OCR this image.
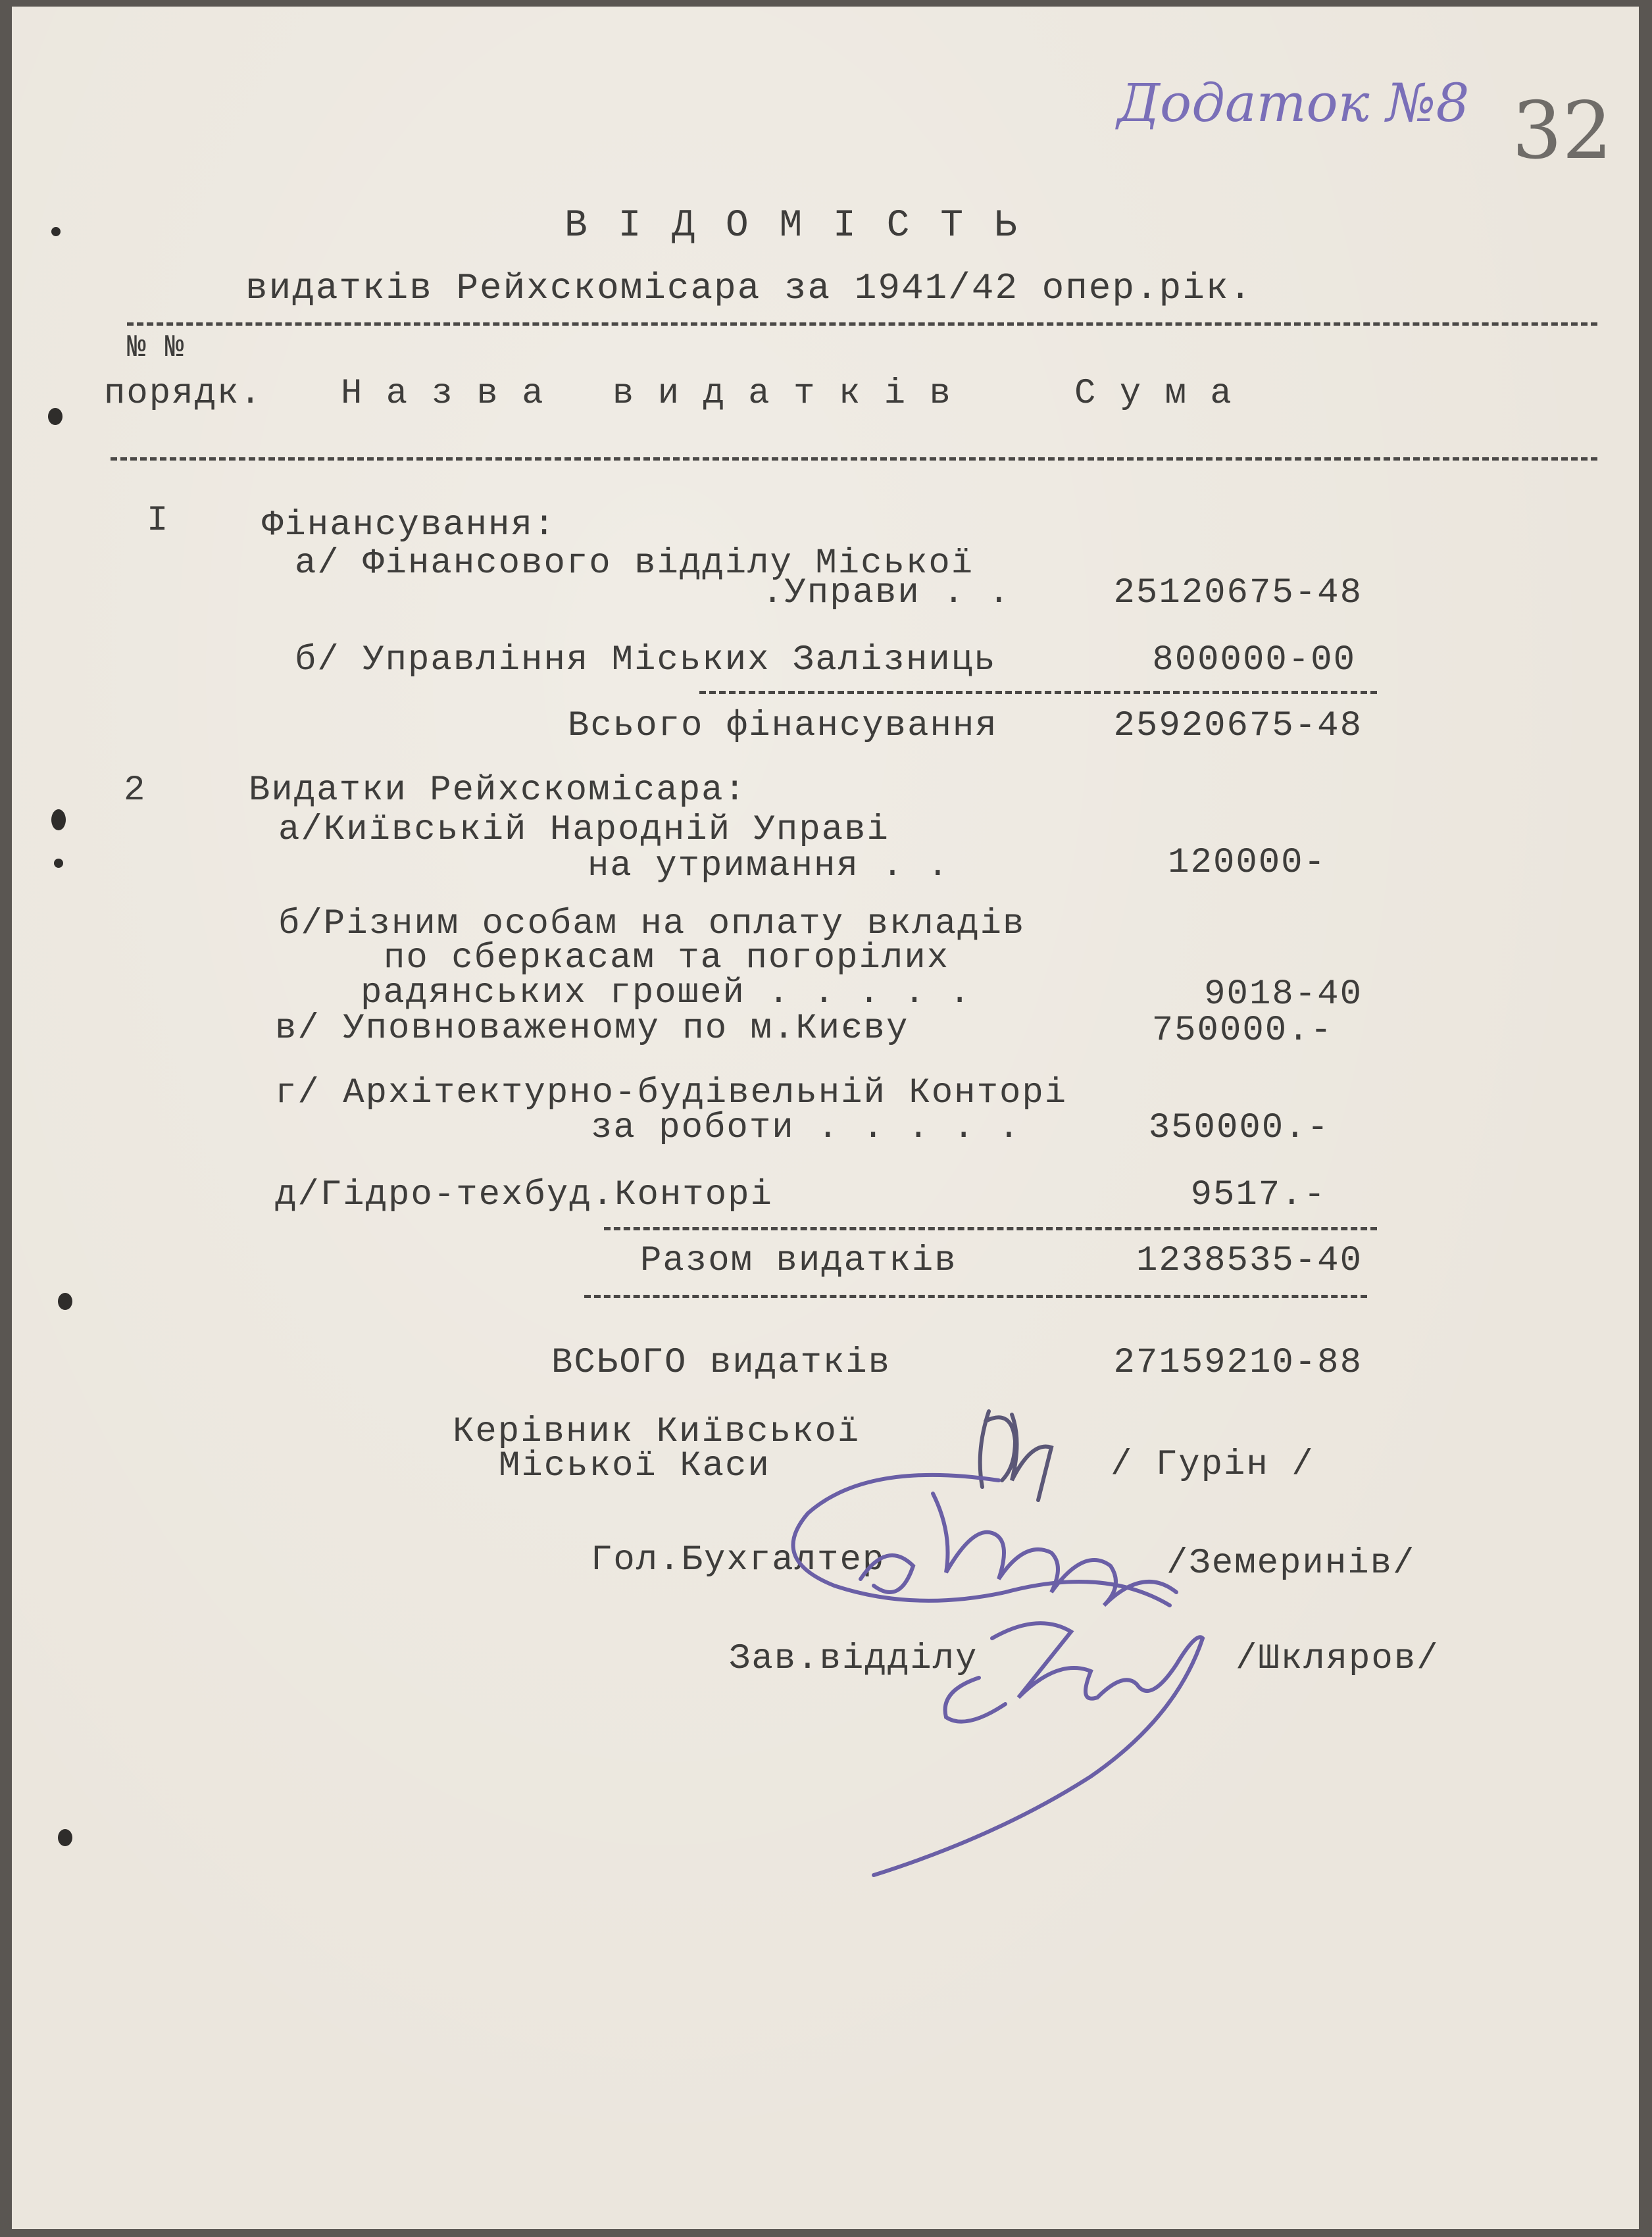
Додаток №8 32
В І Д О М І С Т Ь
видатків Рейхскомісара за 1941/42 опер.рік.
№ №
порядк. Н а з в а   в и д а т к і в	С у м а
I	Фінансування:
а/ Фінансового відділу Міської
.Управи . .	25120675-48
б/ Управління Міських Залізниць	800000-00
Всього фінансування	25920675-48
2	Видатки Рейхскомісара:
а/Київській Народній Управі
на утримання . .	120000-
б/Різним особам на оплату вкладів
по сберкасам та погорілих
радянських грошей . . . . .	9018-40
в/ Уповноваженому по м.Києву	750000.-
г/ Архітектурно-будівельній Конторі
за роботи . . . . .	350000.-
д/Гідро-техбуд.Конторі	9517.-
Разом видатків	1238535-40
ВСЬОГО видатків	27159210-88
Керівник Київської
Міської Каси	/ Гурін /
Гол.Бухгалтер	/Земеринів/
Зав.відділу	/Шкляров/
